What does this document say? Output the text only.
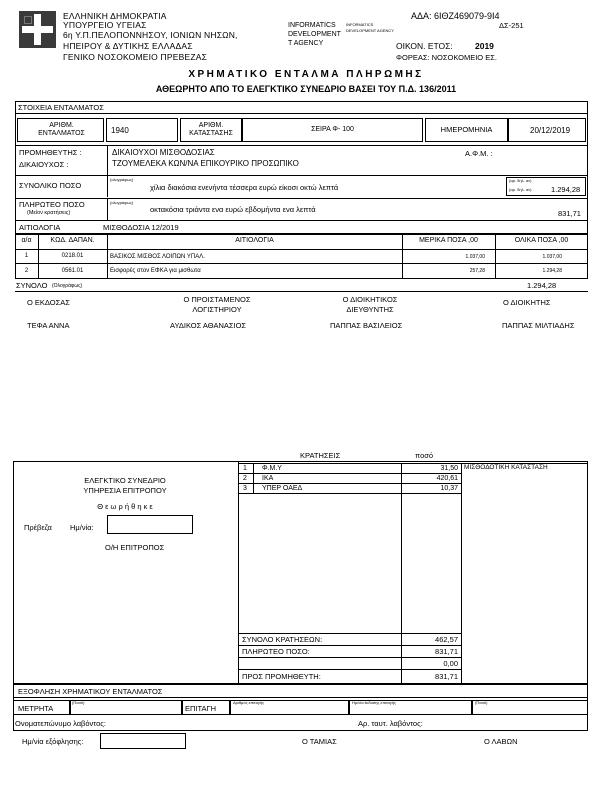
ΕΛΛΗΝΙΚΗ ΔΗΜΟΚΡΑΤΙΑ
ΥΠΟΥΡΓΕΙΟ ΥΓΕΙΑΣ
6η Υ.Π.ΠΕΛΟΠΟΝΝΗΣΟΥ, ΙΟΝΙΩΝ ΝΗΣΩΝ,
ΗΠΕΙΡΟΥ & ΔΥΤΙΚΗΣ ΕΛΛΑΔΑΣ
ΓΕΝΙΚΟ ΝΟΣΟΚΟΜΕΙΟ ΠΡΕΒΕΖΑΣ
INFORMATICS
DEVELOPMENT
T AGENCY
INFORMATICS DEVELOPMENT AGENCY
ΑΔΑ: 6ΙΘΖ469079-9Ι4
ΔΣ-251
ΟΙΚΟΝ. ΕΤΟΣ:	2019
ΦΟΡΕΑΣ: ΝΟΣΟΚΟΜΕΙΟ ΕΣ.
ΧΡΗΜΑΤΙΚΟ ΕΝΤΑΛΜΑ ΠΛΗΡΩΜΗΣ
ΑΘΕΩΡΗΤΟ ΑΠΟ ΤΟ ΕΛΕΓΚΤΙΚΟ ΣΥΝΕΔΡΙΟ ΒΑΣΕΙ ΤΟΥ Π.Δ. 136/2011
ΣΤΟΙΧΕΙΑ ΕΝΤΑΛΜΑΤΟΣ
ΑΡΙΘΜ. ΕΝΤΑΛΜΑΤΟΣ	1940
ΑΡΙΘΜ. ΚΑΤΑΣΤΑΣΗΣ
ΣΕΙΡΑ Φ- 100	ΗΜΕΡΟΜΗΝΙΑ	20/12/2019
ΠΡΟΜΗΘΕΥΤΗΣ :
ΔΙΚΑΙΟΥΧΟΣ :
ΔΙΚΑΙΟΥΧΟΙ ΜΙΣΘΟΔΟΣΙΑΣ
ΤΖΟΥΜΕΛΕΚΑ ΚΩΝ/ΝΑ ΕΠΙΚΟΥΡΙΚΟ ΠΡΟΣΩΠΙΚΟ
Α.Φ.Μ. :
ΣΥΝΟΛΙΚΟ ΠΟΣΟ
(ολογράφως)
χίλια διακόσια ενενήντα τέσσερα ευρώ είκοσι οκτώ λεπτά
(αρ. δηλ. αν)
(αρ. δηλ. αν)	1.294,28
ΠΛΗΡΩΤΕΟ ΠΟΣΟ
(Μείον κρατήσεις)
(ολογράφως)
οκτακόσια τριάντα ενα ευρώ εβδομήντα ενα λεπτά	831,71
ΑΙΤΙΟΛΟΓΙΑ	ΜΙΣΘΟΔΟΣΙΑ 12/2019
α/α	ΚΩΔ. ΔΑΠΑΝ.	ΑΙΤΙΟΛΟΓΙΑ	ΜΕΡΙΚΑ ΠΟΣΑ ,00	ΟΛΙΚΑ ΠΟΣΑ ,00
1	0218.01	ΒΑΣΙΚΟΣ ΜΙΣΘΟΣ ΛΟΙΠΩΝ ΥΠΑΛ.	1.037,00	1.037,00
2	0561.01	Εισφορές στον ΕΦΚΑ για μισθωτα	257,28	1.294,28
ΣΥΝΟΛΟ (Ολογράφως)	1.294,28
Ο ΕΚΔΟΣΑΣ
ΤΕΦΑ ΑΝΝΑ
Ο ΠΡΟΙΣΤΑΜΕΝΟΣ ΛΟΓΙΣΤΗΡΙΟΥ
ΑΥΔΙΚΟΣ ΑΘΑΝΑΣΙΟΣ
Ο ΔΙΟΙΚΗΤΙΚΟΣ ΔΙΕΥΘΥΝΤΗΣ
ΠΑΠΠΑΣ ΒΑΣΙΛΕΙΟΣ
Ο ΔΙΟΙΚΗΤΗΣ
ΠΑΠΠΑΣ ΜΙΛΤΙΑΔΗΣ
ΕΛΕΓΚΤΙΚΟ ΣΥΝΕΔΡΙΟ
ΥΠΗΡΕΣΙΑ ΕΠΙΤΡΟΠΟΥ
Θ ε ω ρ ή θ η κ ε
Πρέβεζα Ημ/νία:
Ο/Η ΕΠΙΤΡΟΠΟΣ
ΚΡΑΤΗΣΕΙΣ	ποσό
1 Φ.Μ.Υ	31,50 ΜΙΣΘΟΔΟΤΙΚΗ ΚΑΤΑΣΤΑΣΗ
2 ΙΚΑ	420,61
3 ΥΠΕΡ ΟΑΕΔ	10,37
ΣΥΝΟΛΟ ΚΡΑΤΗΣΕΩΝ:	462,57
ΠΛΗΡΩΤΕΟ ΠΟΣΟ:	831,71
0,00
ΠΡΟΣ ΠΡΟΜΗΘΕΥΤΗ:	831,71
ΕΞΟΦΛΗΣΗ ΧΡΗΜΑΤΙΚΟΥ ΕΝΤΑΛΜΑΤΟΣ
ΜΕΤΡΗΤΑ
(Ποσό)
ΕΠΙΤΑΓΗ
Αριθμός επιταγής	Ημ/νία έκδοσης επιταγής	(Ποσό)
Ονοματεπώνυμο λαβόντος:	Αρ. ταυτ. λαβόντος:
Ημ/νία εξόφλησης:	Ο ΤΑΜΙΑΣ	Ο ΛΑΒΩΝ
